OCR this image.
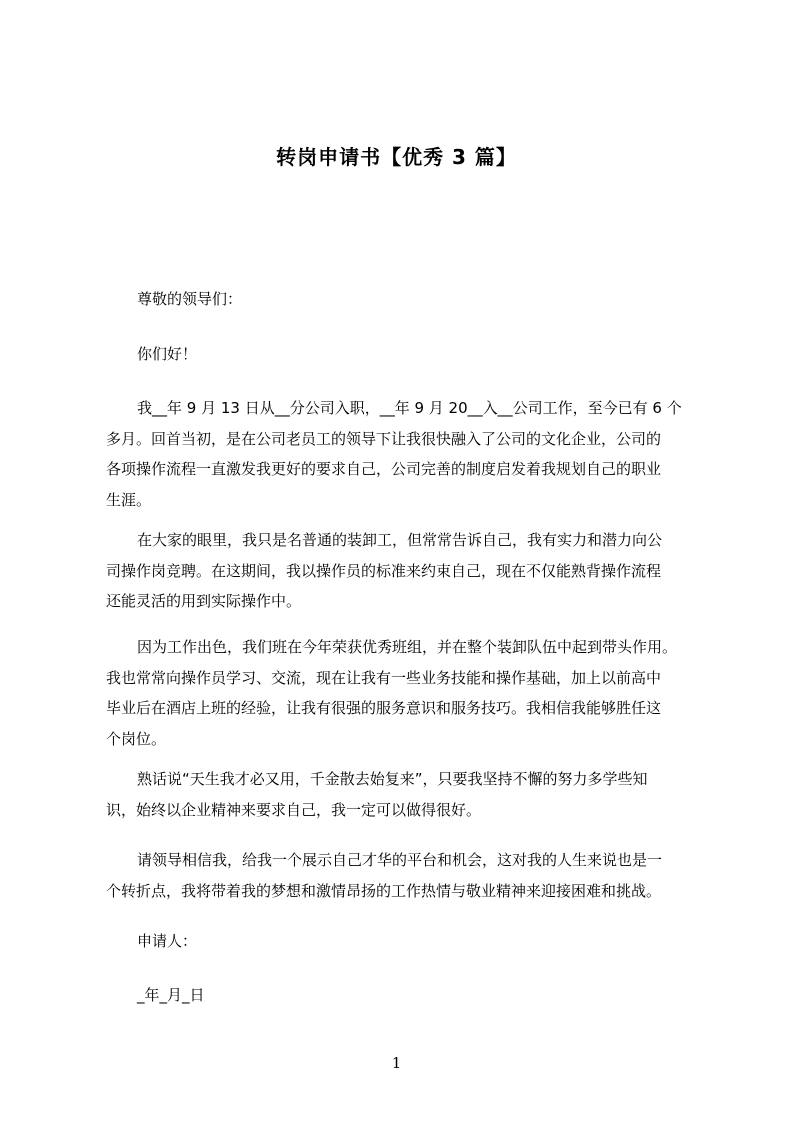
转岗申请书【优秀 3 篇】
尊敬的领导们：
你们好！
我__年 9 月 13 日从__分公司入职，__年 9 月 20__入__公司工作，至今已有 6 个
多月。回首当初，是在公司老员工的领导下让我很快融入了公司的文化企业，公司的
各项操作流程一直激发我更好的要求自己，公司完善的制度启发着我规划自己的职业
生涯。
在大家的眼里，我只是名普通的装卸工，但常常告诉自己，我有实力和潜力向公
司操作岗竞聘。在这期间，我以操作员的标准来约束自己，现在不仅能熟背操作流程
还能灵活的用到实际操作中。
因为工作出色，我们班在今年荣获优秀班组，并在整个装卸队伍中起到带头作用。
我也常常向操作员学习、交流，现在让我有一些业务技能和操作基础，加上以前高中
毕业后在酒店上班的经验，让我有很强的服务意识和服务技巧。我相信我能够胜任这
个岗位。
熟话说“天生我才必又用，千金散去始复来”，只要我坚持不懈的努力多学些知
识，始终以企业精神来要求自己，我一定可以做得很好。
请领导相信我，给我一个展示自己才华的平台和机会，这对我的人生来说也是一
个转折点，我将带着我的梦想和激情昂扬的工作热情与敬业精神来迎接困难和挑战。
申请人：
_年_月_日
1
